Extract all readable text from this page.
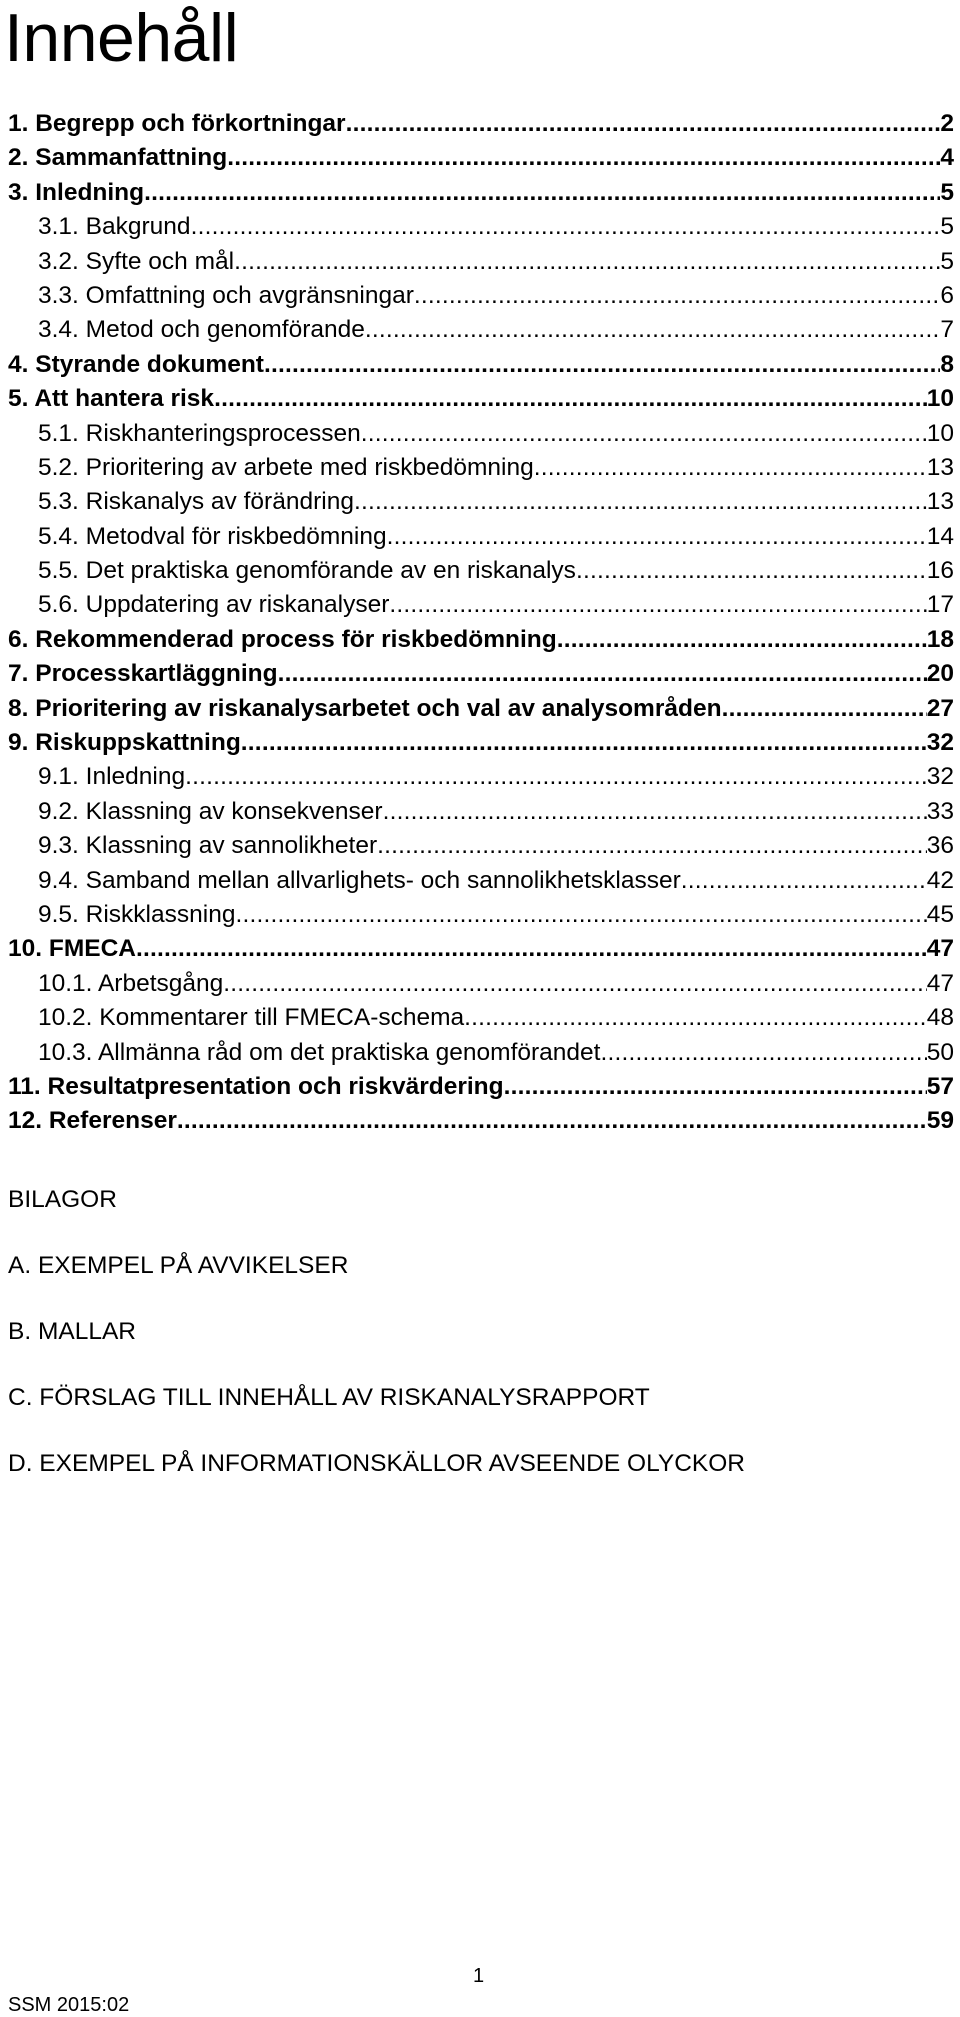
Innehåll
1. Begrepp och förkortningar .....	2
2. Sammanfattning .....	4
3. Inledning .....	5
3.1. Bakgrund .....	5
3.2. Syfte och mål .....	5
3.3. Omfattning och avgränsningar .....	6
3.4. Metod och genomförande .....	7
4. Styrande dokument .....	8
5. Att hantera risk .....	10
5.1. Riskhanteringsprocessen .....	10
5.2. Prioritering av arbete med riskbedömning .....	13
5.3. Riskanalys av förändring .....	13
5.4. Metodval för riskbedömning .....	14
5.5. Det praktiska genomförande av en riskanalys .....	16
5.6. Uppdatering av riskanalyser .....	17
6. Rekommenderad process för riskbedömning .....	18
7. Processkartläggning .....	20
8. Prioritering av riskanalysarbetet och val av analysområden .....	27
9. Riskuppskattning .....	32
9.1. Inledning .....	32
9.2. Klassning av konsekvenser .....	33
9.3. Klassning av sannolikheter .....	36
9.4. Samband mellan allvarlighets- och sannolikhetsklasser .....	42
9.5. Riskklassning .....	45
10. FMECA .....	47
10.1. Arbetsgång .....	47
10.2. Kommentarer till FMECA-schema .....	48
10.3. Allmänna råd om det praktiska genomförandet .....	50
11. Resultatpresentation och riskvärdering .....	57
12. Referenser .....	59
BILAGOR

A. EXEMPEL PÅ AVVIKELSER

B. MALLAR

C. FÖRSLAG TILL INNEHÅLL AV RISKANALYSRAPPORT

D. EXEMPEL PÅ INFORMATIONSKÄLLOR AVSEENDE OLYCKOR

1
SSM 2015:02
